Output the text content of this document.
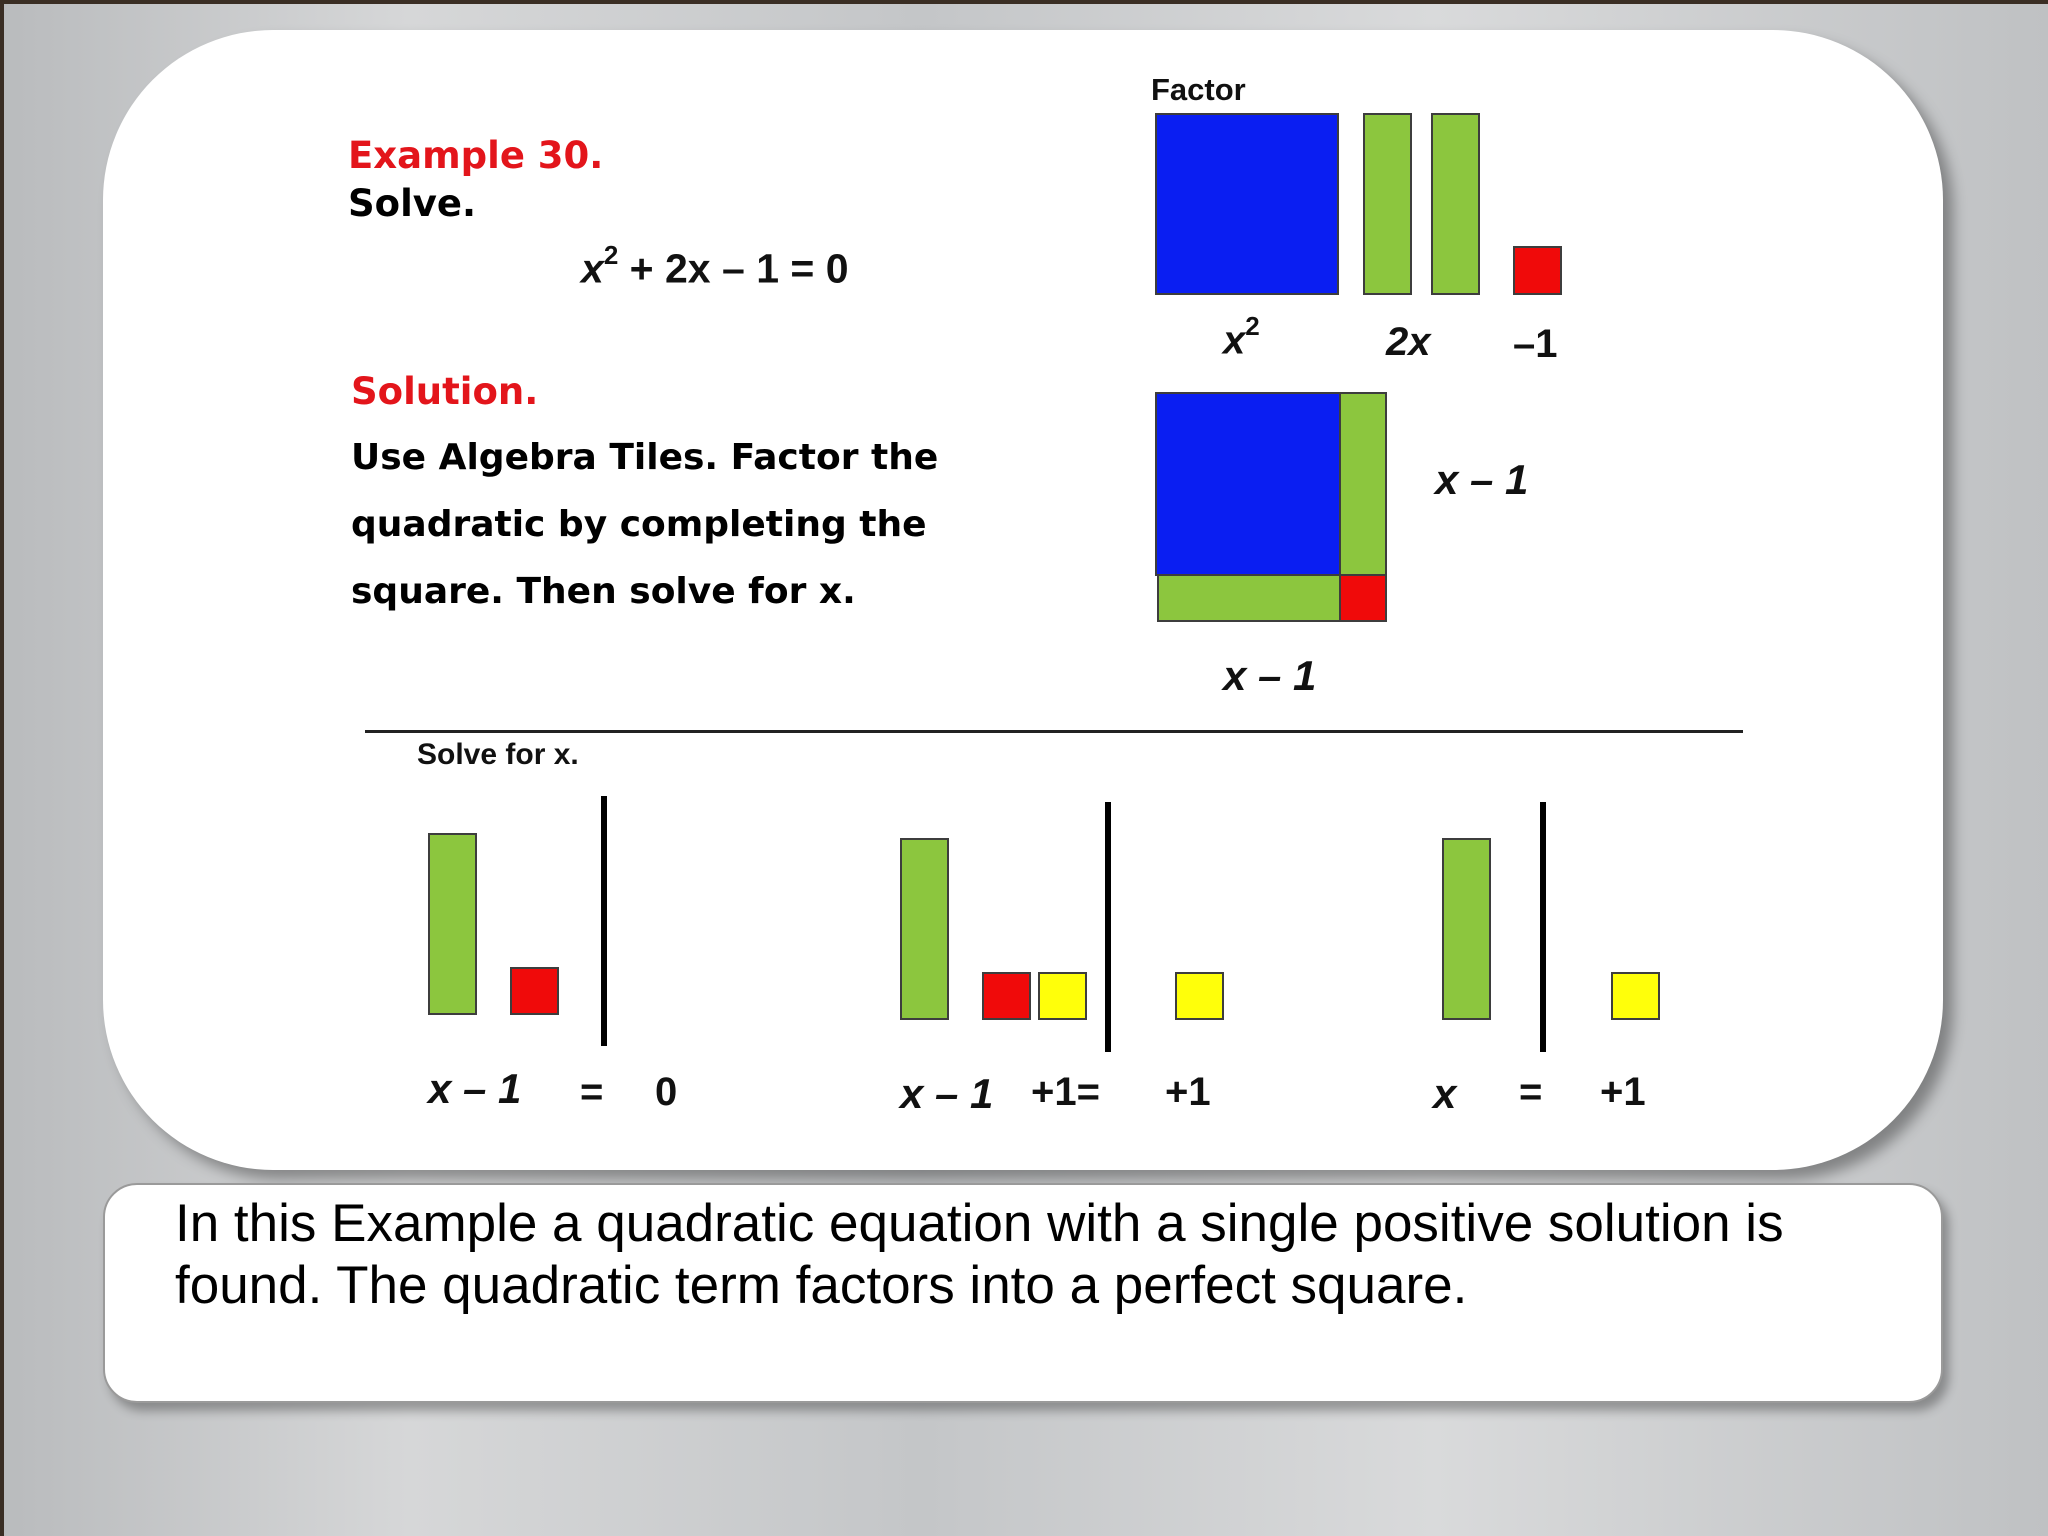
Example 30.
Solve.
$x^2 + 2x - 1 = 0$
Solution.
Use Algebra Tiles. Factor the
quadratic by completing the
square. Then solve for x.
Factor
$x^2$	2x –1
x – 1
x – 1
Solve for x.
x – 1 = 0	x – 1 +1= +1	x = +1
In this Example a quadratic equation with a single positive solution is found. The quadratic term factors into a perfect square.
